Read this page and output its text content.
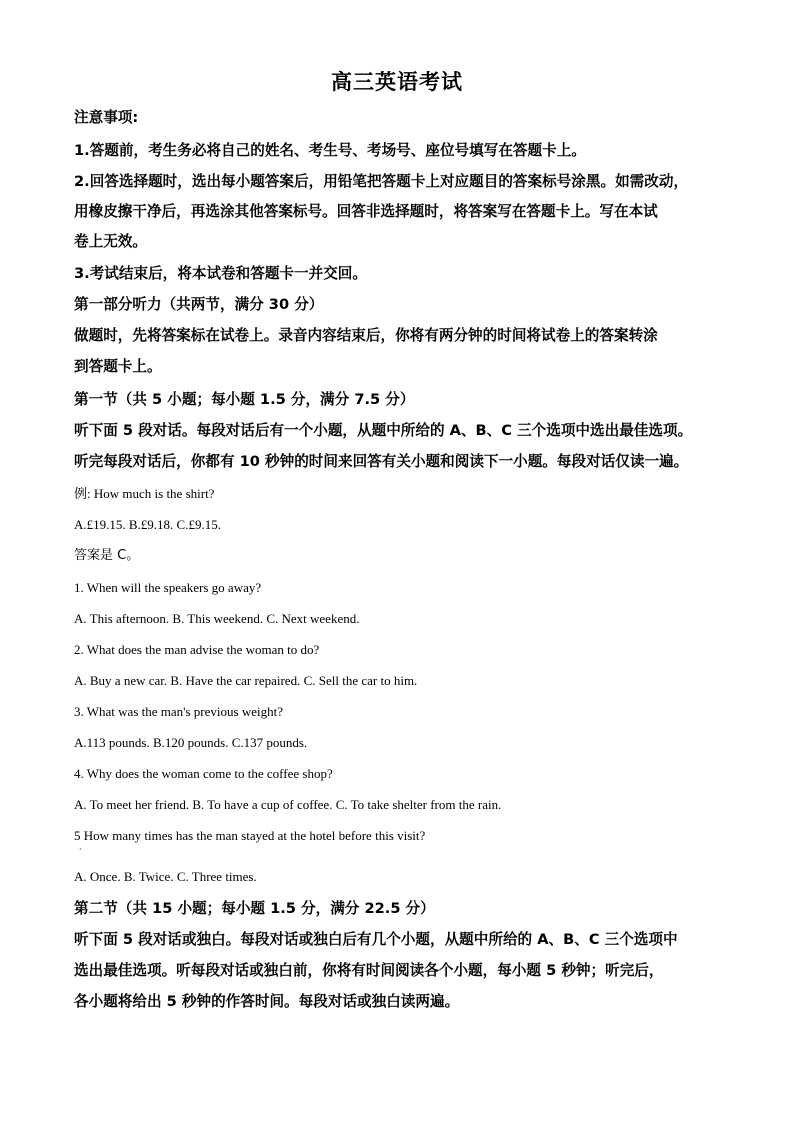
高三英语考试
注意事项:
1.答题前，考生务必将自己的姓名、考生号、考场号、座位号填写在答题卡上。
2.回答选择题时，选出每小题答案后，用铅笔把答题卡上对应题目的答案标号涂黑。如需改动，
用橡皮擦干净后，再选涂其他答案标号。回答非选择题时，将答案写在答题卡上。写在本试
卷上无效。
3.考试结束后，将本试卷和答题卡一并交回。
第一部分听力（共两节，满分 30 分）
做题时，先将答案标在试卷上。录音内容结束后，你将有两分钟的时间将试卷上的答案转涂
到答题卡上。
第一节（共 5 小题；每小题 1.5 分，满分 7.5 分）
听下面 5 段对话。每段对话后有一个小题，从题中所给的 A、B、C 三个选项中选出最佳选项。
听完每段对话后，你都有 10 秒钟的时间来回答有关小题和阅读下一小题。每段对话仅读一遍。
例: How much is the shirt?
A.£19.15. B.£9.18. C.£9.15.
答案是 C。
1. When will the speakers go away?
A. This afternoon. B. This weekend. C. Next weekend.
2. What does the man advise the woman to do?
A. Buy a new car. B. Have the car repaired. C. Sell the car to him.
3. What was the man's previous weight?
A.113 pounds. B.120 pounds. C.137 pounds.
4. Why does the woman come to the coffee shop?
A. To meet her friend. B. To have a cup of coffee. C. To take shelter from the rain.
5 How many times has the man stayed at the hotel before this visit?
A. Once. B. Twice. C. Three times.
第二节（共 15 小题；每小题 1.5 分，满分 22.5 分）
听下面 5 段对话或独白。每段对话或独白后有几个小题，从题中所给的 A、B、C 三个选项中
选出最佳选项。听每段对话或独白前，你将有时间阅读各个小题，每小题 5 秒钟；听完后，
各小题将给出 5 秒钟的作答时间。每段对话或独白读两遍。
·
